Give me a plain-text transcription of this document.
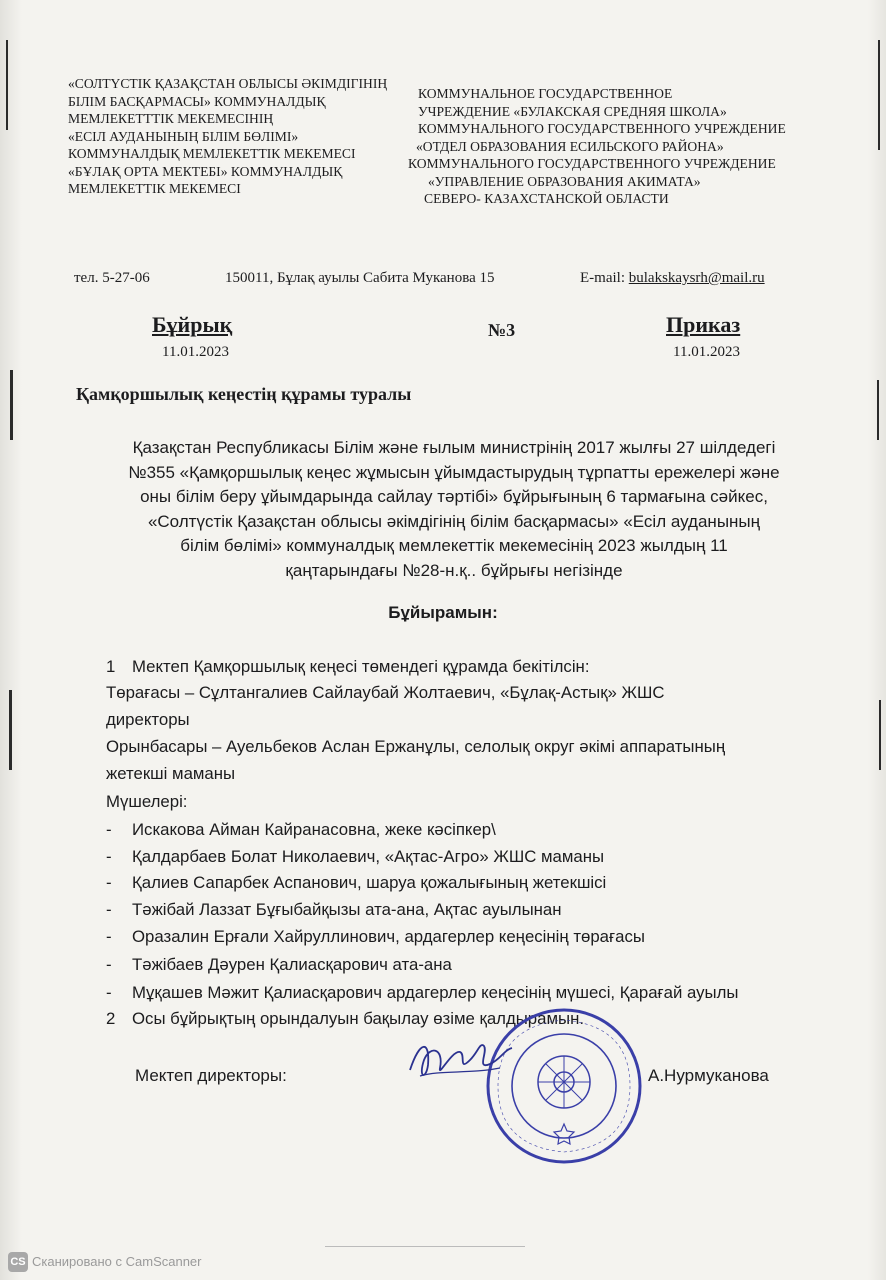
«СОЛТҮСТІК ҚАЗАҚСТАН ОБЛЫСЫ ӘКІМДІГІНІҢ
БІЛІМ БАСҚАРМАСЫ» КОММУНАЛДЫҚ
МЕМЛЕКЕТТТІК МЕКЕМЕСІНІҢ
«ЕСІЛ АУДАНЫНЫҢ БІЛІМ БӨЛІМІ»
КОММУНАЛДЫҚ МЕМЛЕКЕТТІК МЕКЕМЕСІ
«БҰЛАҚ ОРТА МЕКТЕБІ» КОММУНАЛДЫҚ
МЕМЛЕКЕТТІК МЕКЕМЕСІ
КОММУНАЛЬНОЕ ГОСУДАРСТВЕННОЕ
УЧРЕЖДЕНИЕ «БУЛАКСКАЯ СРЕДНЯЯ ШКОЛА»
КОММУНАЛЬНОГО ГОСУДАРСТВЕННОГО УЧРЕЖДЕНИЕ
«ОТДЕЛ ОБРАЗОВАНИЯ ЕСИЛЬСКОГО РАЙОНА»
КОММУНАЛЬНОГО ГОСУДАРСТВЕННОГО УЧРЕЖДЕНИЕ
«УПРАВЛЕНИЕ ОБРАЗОВАНИЯ АКИМАТА»
СЕВЕРО- КАЗАХСТАНСКОЙ ОБЛАСТИ
тел. 5-27-06	150011, Бұлақ ауылы Сабита Муканова 15	E-mail: bulakskaysrh@mail.ru
Бұйрық	№3	Приказ
11.01.2023	11.01.2023
Қамқоршылық кеңестің құрамы туралы
Қазақстан Республикасы Білім және ғылым министрінің 2017 жылғы 27 шілдедегі
№355 «Қамқоршылық кеңес жұмысын ұйымдастырудың тұрпатты ережелері және
оны білім беру ұйымдарында сайлау тәртібі» бұйрығының 6 тармағына сәйкес,
«Солтүстік Қазақстан облысы әкімдігінің білім басқармасы» «Есіл ауданының
білім бөлімі» коммуналдық мемлекеттік мекемесінің 2023 жылдың 11
қаңтарындағы №28-н.қ.. бұйрығы негізінде
Бұйырамын:
1 Мектеп Қамқоршылық кеңесі төмендегі құрамда бекітілсін:
Төрағасы – Сұлтангалиев Сайлаубай Жолтаевич, «Бұлақ-Астық» ЖШС
директоры
Орынбасары – Ауельбеков Аслан Ержанұлы, селолық округ әкімі аппаратының
жетекші маманы
Мүшелері:
- Искакова Айман Кайранасовна, жеке кәсіпкер\
- Қалдарбаев Болат Николаевич, «Ақтас-Агро» ЖШС маманы
- Қалиев Сапарбек Аспанович, шаруа қожалығының жетекшісі
- Тәжібай Лаззат Бұғыбайқызы ата-ана, Ақтас ауылынан
- Оразалин Ерғали Хайруллинович, ардагерлер кеңесінің төрағасы
- Тәжібаев Дәурен Қалиасқарович ата-ана
- Мұқашев Мәжит Қалиасқарович ардагерлер кеңесінің мүшесі, Қарағай ауылы
2 Осы бұйрықтың орындалуын бақылау өзіме қалдырамын.
Мектеп директоры:	А.Нурмуканова
CS Сканировано с CamScanner
